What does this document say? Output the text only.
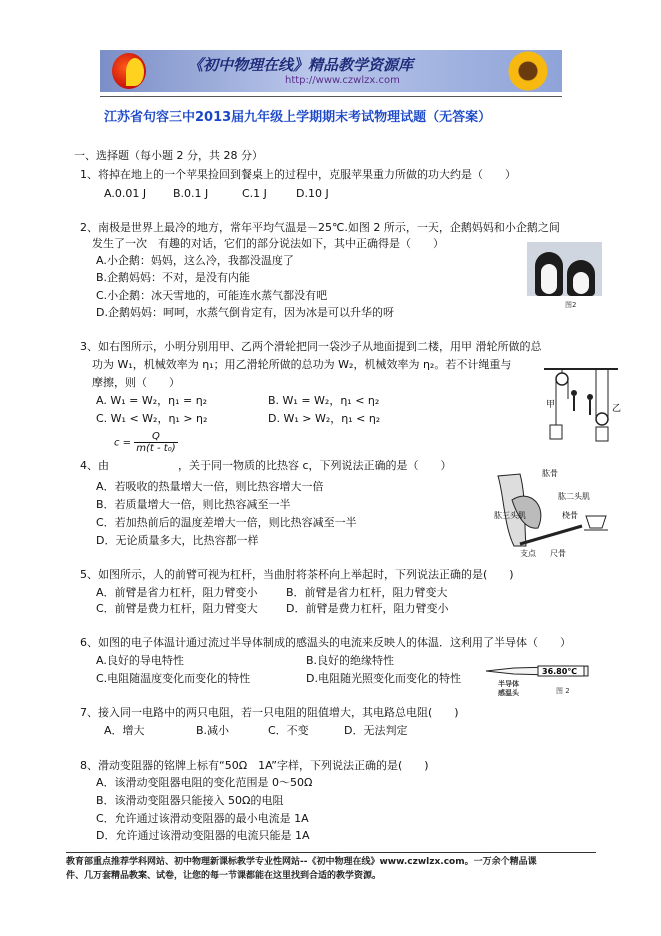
《初中物理在线》精品教学资源库
http://www.czwlzx.com
江苏省句容三中2013届九年级上学期期末考试物理试题（无答案）
一、选择题（每小题 2 分，共 28 分）
1、将掉在地上的一个苹果捡回到餐桌上的过程中，克服苹果重力所做的功大约是（　　）
A.0.01 J B.0.1 J	C.1 J	D.10 J
2、南极是世界上最冷的地方，常年平均气温是－25℃.如图 2 所示，一天，企鹅妈妈和小企鹅之间
发生了一次　有趣的对话，它们的部分说法如下，其中正确得是（　　）
A.小企鹅：妈妈，这么冷，我都没温度了
B.企鹅妈妈：不对，是没有内能
C.小企鹅：冰天雪地的，可能连水蒸气都没有吧
D.企鹅妈妈：呵呵，水蒸气倒肯定有，因为冰是可以升华的呀
图2
3、如右图所示，小明分别用甲、乙两个滑轮把同一袋沙子从地面提到二楼，用甲 滑轮所做的总
功为 W₁，机械效率为 η₁；用乙滑轮所做的总功为 W₂，机械效率为 η₂。若不计绳重与
摩擦，则（　　）
A. W₁ = W₂，η₁ = η₂	B. W₁ = W₂，η₁ < η₂
C. W₁ < W₂，η₁ > η₂	D. W₁ > W₂，η₁ < η₂
甲	乙
$c = \frac{Q}{\text{m(t - t₀)}}$
4、由	，关于同一物质的比热容 c，下列说法正确的是（　　）
A．若吸收的热量增大一倍，则比热容增大一倍
B．若质量增大一倍，则比热容减至一半
C．若加热前后的温度差增大一倍，则比热容减至一半
D．无论质量多大，比热容都一样
肱骨
肱二头肌
肱三头肌	桡骨
支点 尺骨
5、如图所示，人的前臂可视为杠杆，当曲肘将茶杯向上举起时，下列说法正确的是(　　)
A．前臂是省力杠杆，阻力臂变小	B．前臂是省力杠杆，阻力臂变大
C．前臂是费力杠杆，阻力臂变大	D．前臂是费力杠杆，阻力臂变小
6、如图的电子体温计通过流过半导体制成的感温头的电流来反映人的体温．这利用了半导体（　　）
A.良好的导电特性	B.良好的绝缘特性
C.电阻随温度变化而变化的特性	D.电阻随光照变化而变化的特性
36.80℃
半导体
感温头	图 2
7、接入同一电路中的两只电阻，若一只电阻的阻值增大，其电路总电阻(　　)
A．增大	B.减小	C．不变	D．无法判定
8、滑动变阻器的铭牌上标有“50Ω　1A”字样，下列说法正确的是(　　)
A．该滑动变阻器电阻的变化范围是 0～50Ω
B．该滑动变阻器只能接入 50Ω的电阻
C．允许通过该滑动变阻器的最小电流是 1A
D．允许通过该滑动变阻器的电流只能是 1A
教育部重点推荐学科网站、初中物理新课标教学专业性网站--《初中物理在线》www.czwlzx.com。一万余个精品课
件、几万套精品教案、试卷，让您的每一节课都能在这里找到合适的教学资源。
